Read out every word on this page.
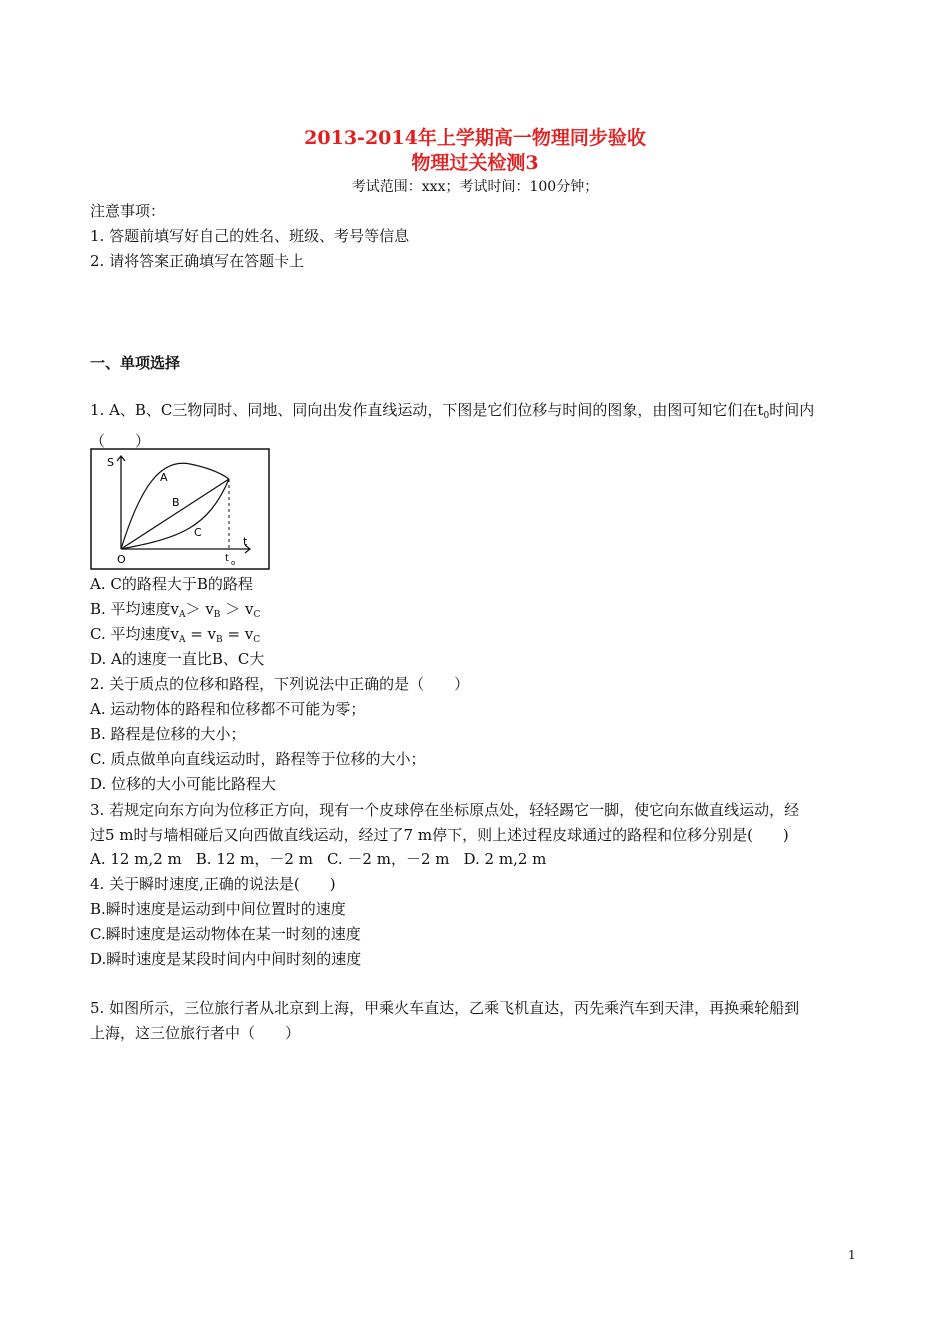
2013-2014年上学期高一物理同步验收
物理过关检测3
考试范围：xxx；考试时间：100分钟；
注意事项：
1. 答题前填写好自己的姓名、班级、考号等信息
2. 请将答案正确填写在答题卡上
一、单项选择
1. A、B、C三物同时、同地、同向出发作直线运动，下图是它们位移与时间的图象，由图可知它们在$t_0$时间内
（　　）
S
t
O	t o
A
B
C
A. C的路程大于B的路程
B. 平均速度$v_A> v_B > v_C$
C. 平均速度$v_A = v_B = v_C$
D. A的速度一直比B、C大
2. 关于质点的位移和路程，下列说法中正确的是（　　）
A. 运动物体的路程和位移都不可能为零；
B. 路程是位移的大小；
C. 质点做单向直线运动时，路程等于位移的大小；
D. 位移的大小可能比路程大
3. 若规定向东方向为位移正方向，现有一个皮球停在坐标原点处，轻轻踢它一脚，使它向东做直线运动，经
过5 m时与墙相碰后又向西做直线运动，经过了7 m停下，则上述过程皮球通过的路程和位移分别是(　　)
A. 12 m,2 m B. 12 m，－2 m C. －2 m，－2 m D. 2 m,2 m
4. 关于瞬时速度,正确的说法是(　　)
B.瞬时速度是运动到中间位置时的速度
C.瞬时速度是运动物体在某一时刻的速度
D.瞬时速度是某段时间内中间时刻的速度
5. 如图所示，三位旅行者从北京到上海，甲乘火车直达，乙乘飞机直达，丙先乘汽车到天津，再换乘轮船到
上海，这三位旅行者中（　　）
1
